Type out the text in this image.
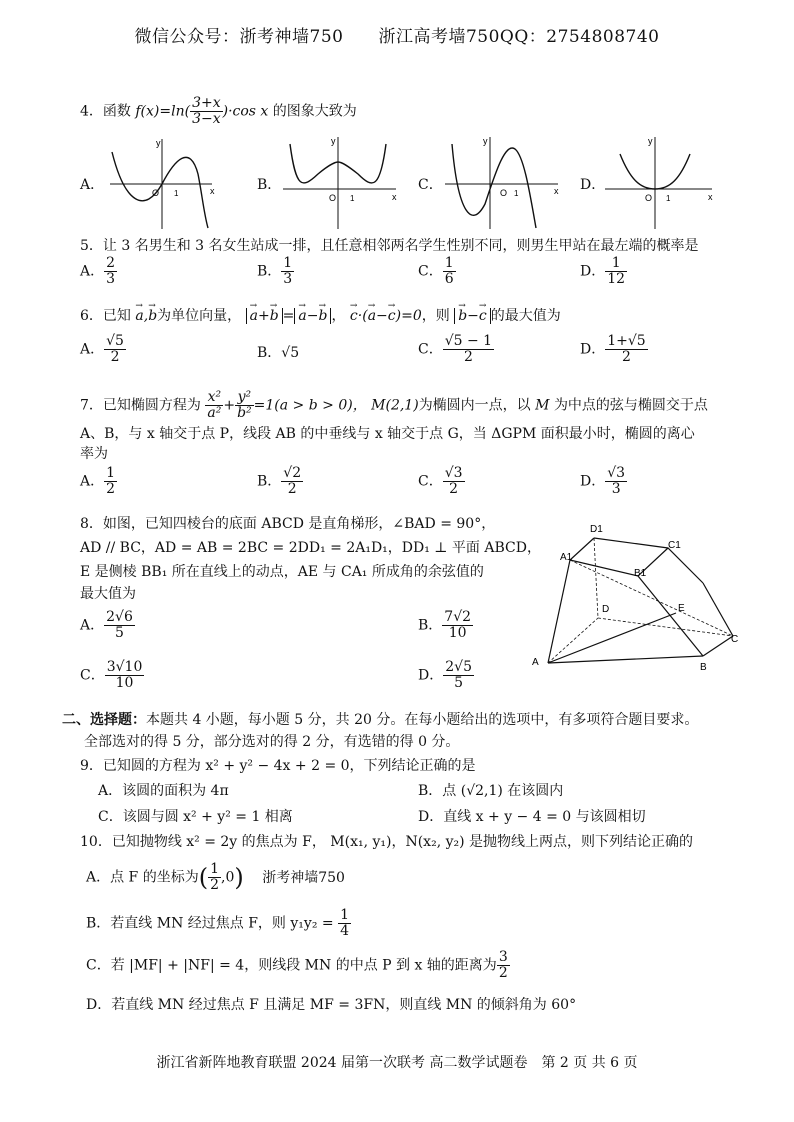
微信公众号：浙考神墙750　　浙江高考墙750QQ：2754808740
4．函数 $f(x)=\ln( \frac{3+x}{3-x} )\cdot\cos$ x 的图象大致为
A．	B．	C．	D．
y
x
O 1
y
x
O 1
y
x
O 1
y
x
O 1
5．让 3 名男生和 3 名女生站成一排，且任意相邻两名学生性别不同，则男生甲站在最左端的概率是
A． $\frac{2}{3}$	B． $\frac{1}{3}$	C． $\frac{1}{6}$	D． $\frac{1}{12}$
6．已知 → a,→ b为单位向量， → a+→ b = → a−→ b ， → c·(→ a−→ c)=0，则 → b−→ c 的最大值为
A． $\frac{√5}{2}$	B．√5	C． $\frac{√5 - 1}{2}$	D． $\frac{1+√5}{2}$
7．已知椭圆方程为 $\frac{\text{x²}}{\text{a²}} + \frac{\text{y²}}{\text{b²}} =1(a > b > 0)$， M(2,1)为椭圆内一点，以 M 为中点的弦与椭圆交于点
A、B，与 x 轴交于点 P，线段 AB 的中垂线与 x 轴交于点 G，当 ΔGPM 面积最小时，椭圆的离心
率为
A． $\frac{1}{2}$	B． $\frac{√2}{2}$	C． $\frac{√3}{2}$	D． $\frac{√3}{3}$
8．如图，已知四棱台的底面 ABCD 是直角梯形，∠BAD = 90°，
AD // BC，AD = AB = 2BC = 2DD₁ = 2A₁D₁，DD₁ ⊥ 平面 ABCD，
E 是侧棱 BB₁ 所在直线上的动点，AE 与 CA₁ 所成角的余弦值的
最大值为
A． $\frac{2√6}{5}$	B． $\frac{7√2}{10}$
C． $\frac{3√10}{10}$	D． $\frac{2√5}{5}$
D1
C1
A1
B1
D	E
C
A	B
二、选择题：本题共 4 小题，每小题 5 分，共 20 分。在每小题给出的选项中，有多项符合题目要求。
全部选对的得 5 分，部分选对的得 2 分，有选错的得 0 分。
9．已知圆的方程为 x² + y² − 4x + 2 = 0，下列结论正确的是
A．该圆的面积为 4π	B．点 (√2,1) 在该圆内
C．该圆与圆 x² + y² = 1 相离	D．直线 x + y − 4 = 0 与该圆相切
10．已知抛物线 x² = 2y 的焦点为 F， M(x₁, y₁)，N(x₂, y₂) 是抛物线上两点，则下列结论正确的
A．点 F 的坐标为( $\frac{1}{2} ,0$) 浙考神墙750
B．若直线 MN 经过焦点 F，则 $y_1y_2 = \frac{1}{4}$
C．若 |MF| + |NF| = 4，则线段 MN 的中点 P 到 x 轴的距离为 $\frac{3}{2}$
D．若直线 MN 经过焦点 F 且满足 MF = 3FN，则直线 MN 的倾斜角为 60°
浙江省新阵地教育联盟 2024 届第一次联考 高二数学试题卷　第 2 页 共 6 页
